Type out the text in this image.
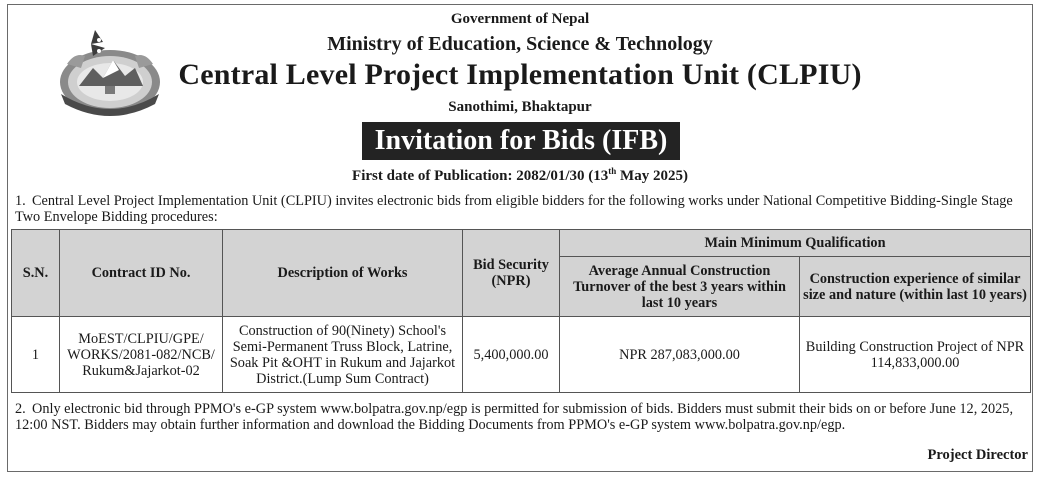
Government of Nepal
Ministry of Education, Science & Technology
Central Level Project Implementation Unit (CLPIU)
Sanothimi, Bhaktapur
Invitation for Bids (IFB)
First date of Publication: 2082/01/30 (13th May 2025)
1. Central Level Project Implementation Unit (CLPIU) invites electronic bids from eligible bidders for the following works under National Competitive Bidding-Single Stage Two Envelope Bidding procedures:
S.N.	Contract ID No.	Description of Works	Bid Security (NPR)	Main Minimum Qualification	
				Average Annual Construction Turnover of the best 3 years within last 10 years	Construction experience of similar size and nature (within last 10 years)
1	MoEST/CLPIU/GPE/ WORKS/2081-082/NCB/ Rukum&Jajarkot-02	Construction of 90(Ninety) School's Semi-Permanent Truss Block, Latrine, Soak Pit &OHT in Rukum and Jajarkot District.(Lump Sum Contract)	5,400,000.00	NPR 287,083,000.00	Building Construction Project of NPR 114,833,000.00
2. Only electronic bid through PPMO's e-GP system www.bolpatra.gov.np/egp is permitted for submission of bids. Bidders must submit their bids on or before June 12, 2025, 12:00 NST. Bidders may obtain further information and download the Bidding Documents from PPMO's e-GP system www.bolpatra.gov.np/egp.
Project Director
